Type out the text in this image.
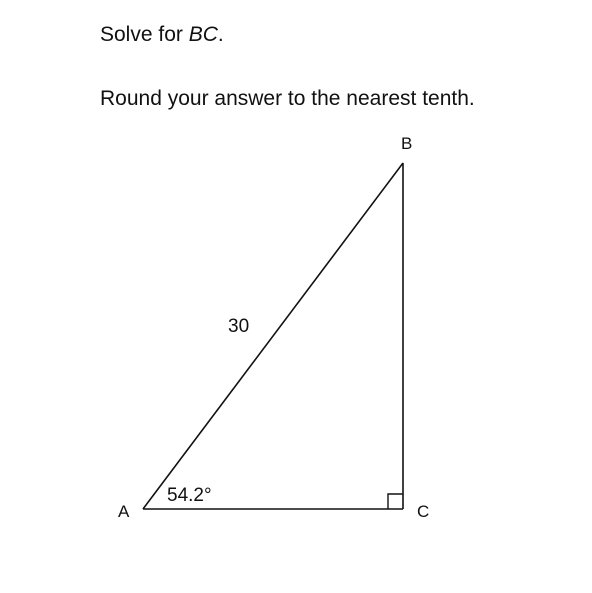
Solve for BC.
Round your answer to the nearest tenth.
B
A	C
30
54.2°
